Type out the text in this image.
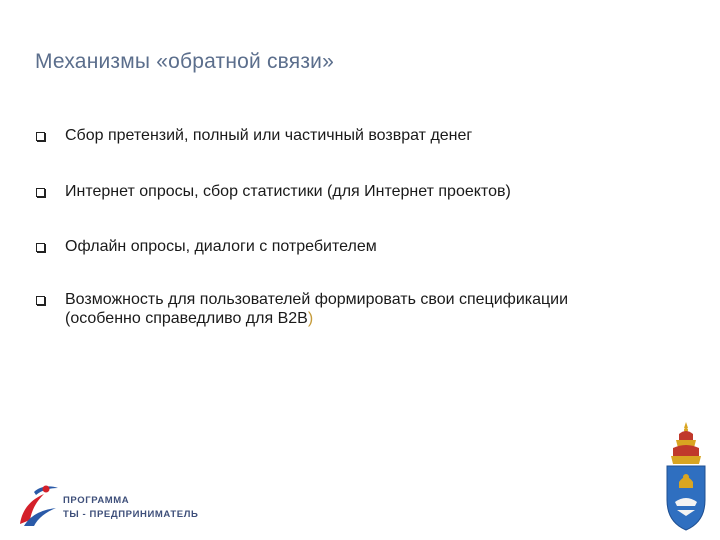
Механизмы «обратной связи»
Сбор претензий, полный или частичный возврат денег
Интернет опросы, сбор статистики (для Интернет проектов)
Офлайн опросы, диалоги с потребителем
Возможность для пользователей формировать свои спецификации
(особенно справедливо для B2B)
ПРОГРАММА
ТЫ - ПРЕДПРИНИМАТЕЛЬ
